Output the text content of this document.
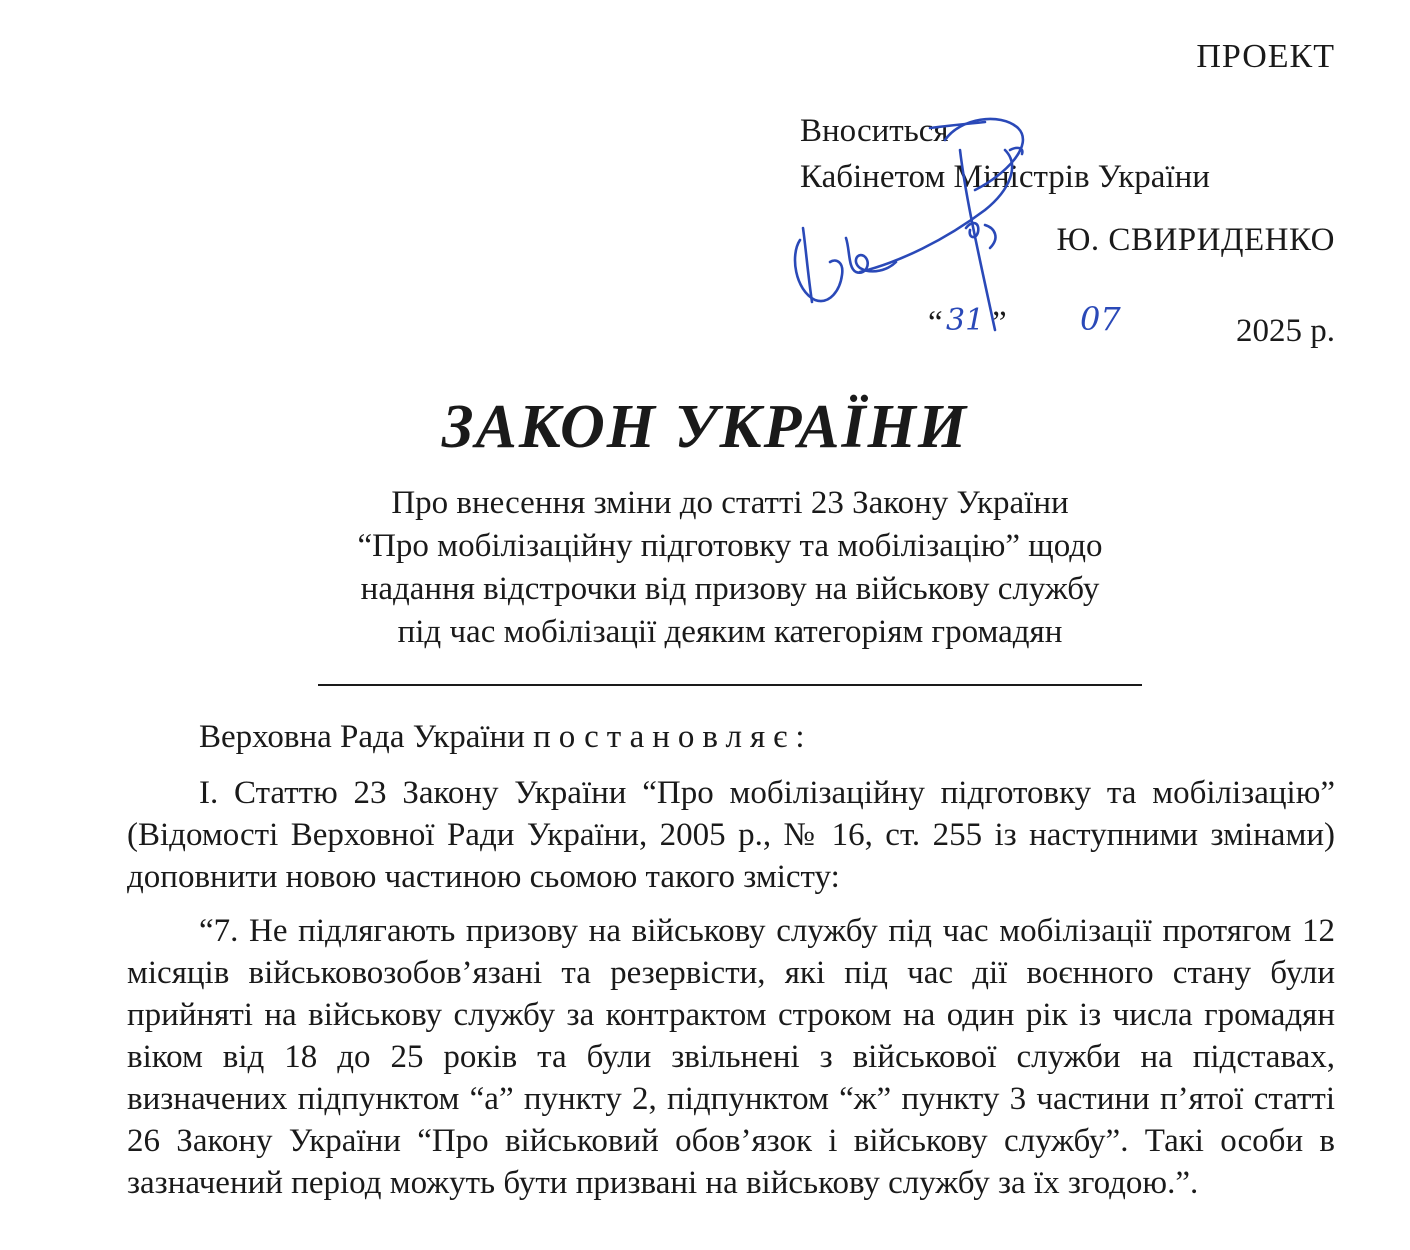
ПРОЕКТ
Вноситься
Кабінетом Міністрів України
Ю. СВИРИДЕНКО
“ ”	2025 р.
31	07
ЗАКОН УКРАЇНИ
Про внесення зміни до статті 23 Закону України
“Про мобілізаційну підготовку та мобілізацію” щодо
надання відстрочки від призову на військову службу
під час мобілізації деяким категоріям громадян
Верховна Рада України постановляє:
І. Статтю 23 Закону України “Про мобілізаційну підготовку та мобілізацію” (Відомості Верховної Ради України, 2005 р., № 16, ст. 255 із наступними змінами) доповнити новою частиною сьомою такого змісту:
“7. Не підлягають призову на військову службу під час мобілізації протягом 12 місяців військовозобов’язані та резервісти, які під час дії воєнного стану були прийняті на військову службу за контрактом строком на один рік із числа громадян віком від 18 до 25 років та були звільнені з військової служби на підставах, визначених підпунктом “а” пункту 2, підпунктом “ж” пункту 3 частини п’ятої статті 26 Закону України “Про військовий обов’язок і військову службу”. Такі особи в зазначений період можуть бути призвані на військову службу за їх згодою.”.
